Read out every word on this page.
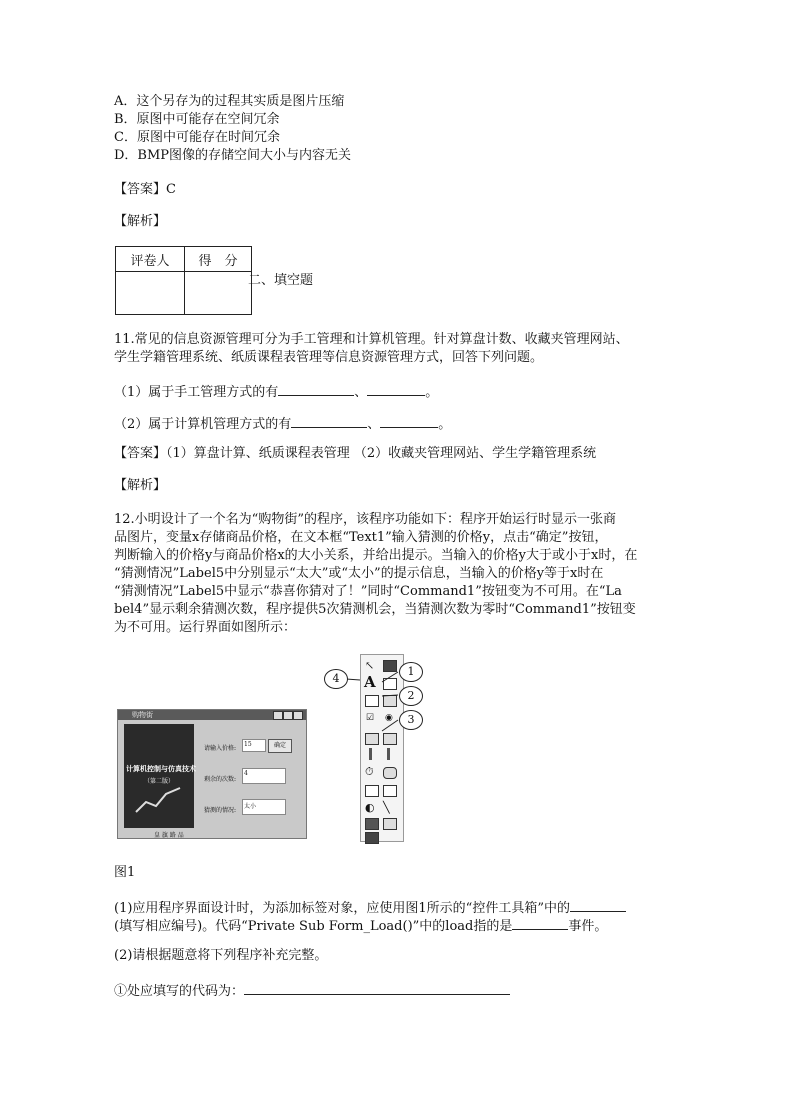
A．这个另存为的过程其实质是图片压缩
B．原图中可能存在空间冗余
C．原图中可能存在时间冗余
D．BMP图像的存储空间大小与内容无关
【答案】C
【解析】
评卷人	得　分

二、填空题
11.常见的信息资源管理可分为手工管理和计算机管理。针对算盘计数、收藏夹管理网站、
学生学籍管理系统、纸质课程表管理等信息资源管理方式，回答下列问题。
（1）属于手工管理方式的有	、	。
（2）属于计算机管理方式的有	、	。
【答案】（1）算盘计算、纸质课程表管理 （2）收藏夹管理网站、学生学籍管理系统
【解析】
12.小明设计了一个名为“购物街”的程序，该程序功能如下：程序开始运行时显示一张商
品图片，变量x存储商品价格，在文本框“Text1”输入猜测的价格y，点击“确定”按钮，
判断输入的价格y与商品价格x的大小关系，并给出提示。当输入的价格y大于或小于x时，在
“猜测情况”Label5中分别显示“太大”或“太小”的提示信息，当输入的价格y等于x时在
“猜测情况”Label5中显示“恭喜你猜对了！”同时“Command1”按钮变为不可用。在“La
bel4”显示剩余猜测次数，程序提供5次猜测机会，当猜测次数为零时“Command1”按钮变
为不可用。运行界面如图所示：
购物街
计算机控制与仿真技术
（第二版）
皇 旗 路 品
请输入价格:
15	确定
剩余的次数:
4
猜测的情况:
太小
↖
A
☑ ◉
⏱
◐ ╲
1
2
3
4
图1
(1)应用程序界面设计时，为添加标签对象，应使用图1所示的“控件工具箱”中的
(填写相应编号)。代码“Private Sub Form_Load()”中的load指的是	事件。
(2)请根据题意将下列程序补充完整。
①处应填写的代码为：
